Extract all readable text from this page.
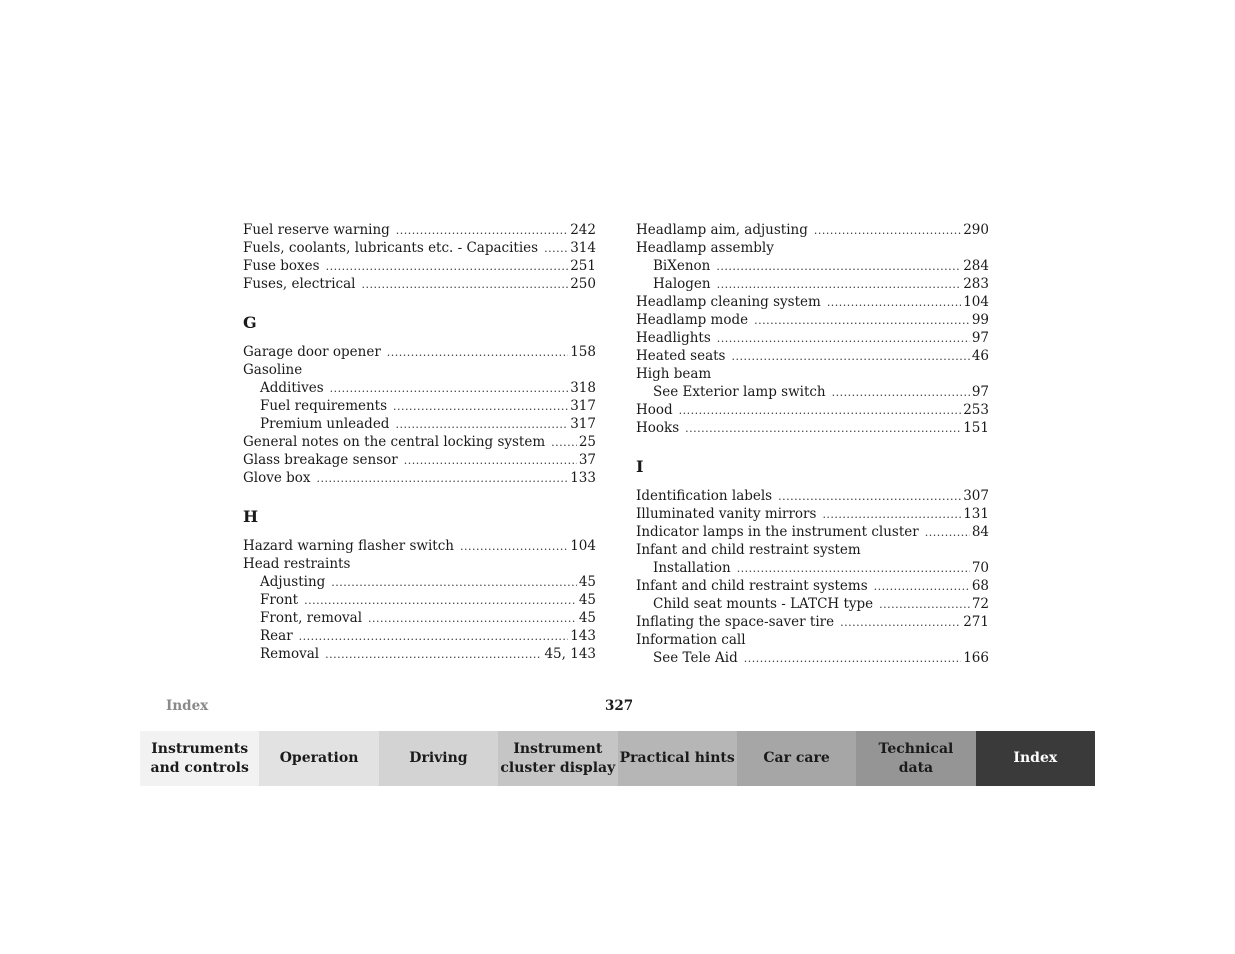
Fuel reserve warning .....	242
Fuels, coolants, lubricants etc. - Capacities ..... 314
Fuse boxes .....	251
Fuses, electrical .....	250
G
Garage door opener .....	158
Gasoline
Additives .....	318
Fuel requirements .....	317
Premium unleaded .....	317
General notes on the central locking system ..... 25
Glass breakage sensor .....	37
Glove box .....	133
H
Hazard warning flasher switch .....	104
Head restraints
Adjusting .....	45
Front .....	45
Front, removal .....	45
Rear .....	143
Removal .....	45, 143
Headlamp aim, adjusting .....	290
Headlamp assembly
BiXenon .....	284
Halogen .....	283
Headlamp cleaning system .....	104
Headlamp mode .....	99
Headlights .....	97
Heated seats .....	46
High beam
See Exterior lamp switch .....	97
Hood .....	253
Hooks .....	151
I
Identification labels .....	307
Illuminated vanity mirrors .....	131
Indicator lamps in the instrument cluster .....	84
Infant and child restraint system
Installation .....	70
Infant and child restraint systems .....	68
Child seat mounts - LATCH type .....	72
Inflating the space-saver tire .....	271
Information call
See Tele Aid .....	166
Index	327
Instruments
and controls
Operation	Driving
Instrument
cluster display
Practical hints Car care
Technical
data
Index
